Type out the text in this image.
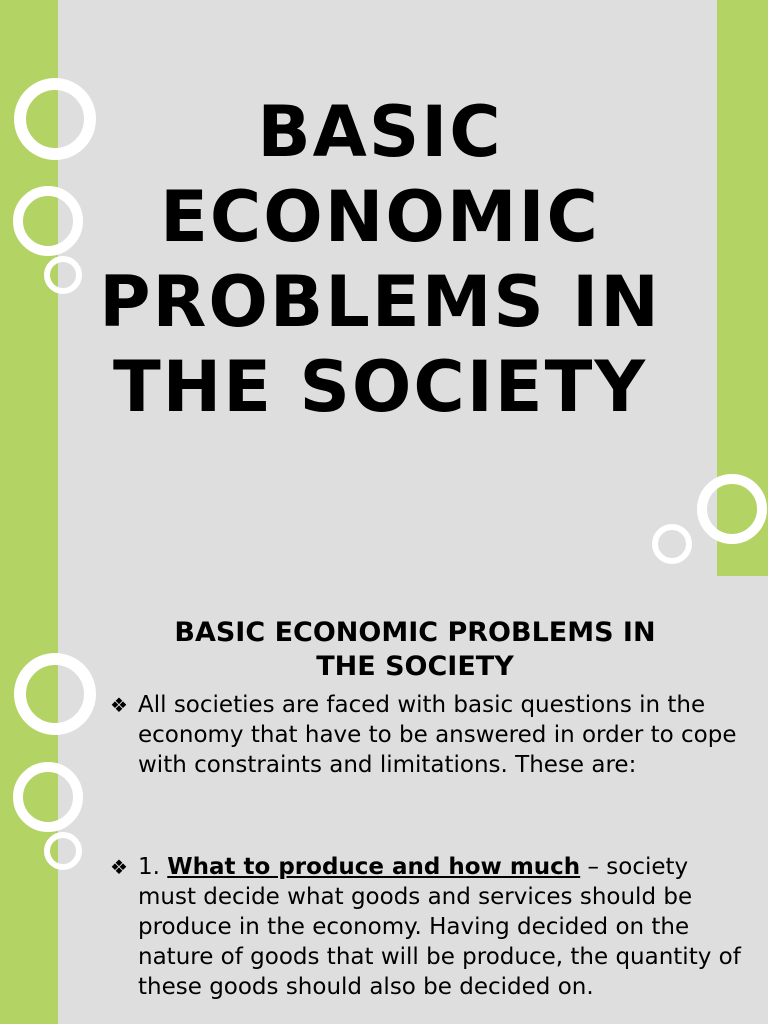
BASIC
ECONOMIC
PROBLEMS IN
THE SOCIETY
BASIC ECONOMIC PROBLEMS IN
THE SOCIETY

❖ All societies are faced with basic questions in the economy that have to be answered in order to cope with constraints and limitations. These are:

❖ 1. What to produce and how much – society must decide what goods and services should be produce in the economy. Having decided on the nature of goods that will be produce, the quantity of these goods should also be decided on.
